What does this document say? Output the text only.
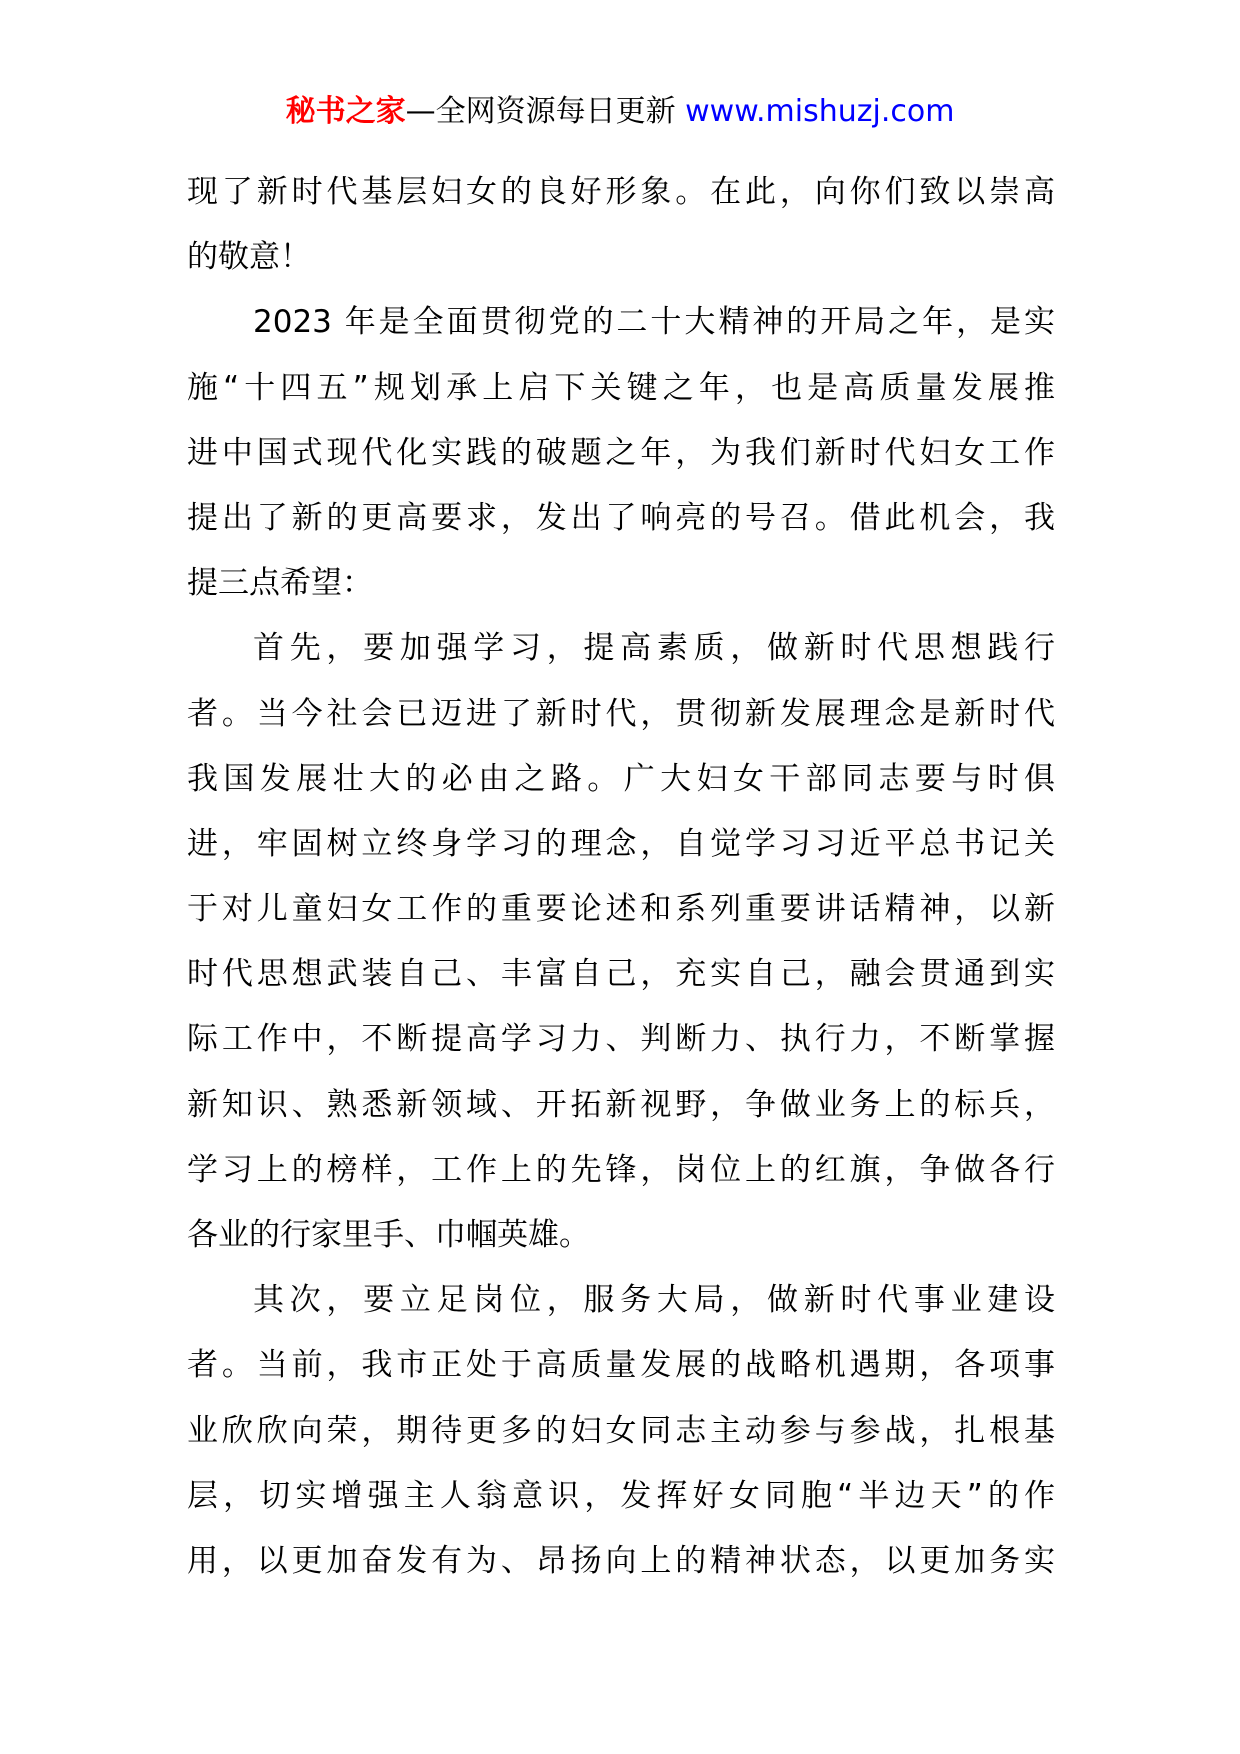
秘书之家—全网资源每日更新 www.mishuzj.com
现了新时代基层妇女的良好形象。在此，向你们致以崇高
的敬意！
2023 年是全面贯彻党的二十大精神的开局之年，是实
施“十四五”规划承上启下关键之年，也是高质量发展推
进中国式现代化实践的破题之年，为我们新时代妇女工作
提出了新的更高要求，发出了响亮的号召。借此机会，我
提三点希望：
首先，要加强学习，提高素质，做新时代思想践行
者。当今社会已迈进了新时代，贯彻新发展理念是新时代
我国发展壮大的必由之路。广大妇女干部同志要与时俱
进，牢固树立终身学习的理念，自觉学习习近平总书记关
于对儿童妇女工作的重要论述和系列重要讲话精神，以新
时代思想武装自己、丰富自己，充实自己，融会贯通到实
际工作中，不断提高学习力、判断力、执行力，不断掌握
新知识、熟悉新领域、开拓新视野，争做业务上的标兵，
学习上的榜样，工作上的先锋，岗位上的红旗，争做各行
各业的行家里手、巾帼英雄。
其次，要立足岗位，服务大局，做新时代事业建设
者。当前，我市正处于高质量发展的战略机遇期，各项事
业欣欣向荣，期待更多的妇女同志主动参与参战，扎根基
层，切实增强主人翁意识，发挥好女同胞“半边天”的作
用，以更加奋发有为、昂扬向上的精神状态，以更加务实
